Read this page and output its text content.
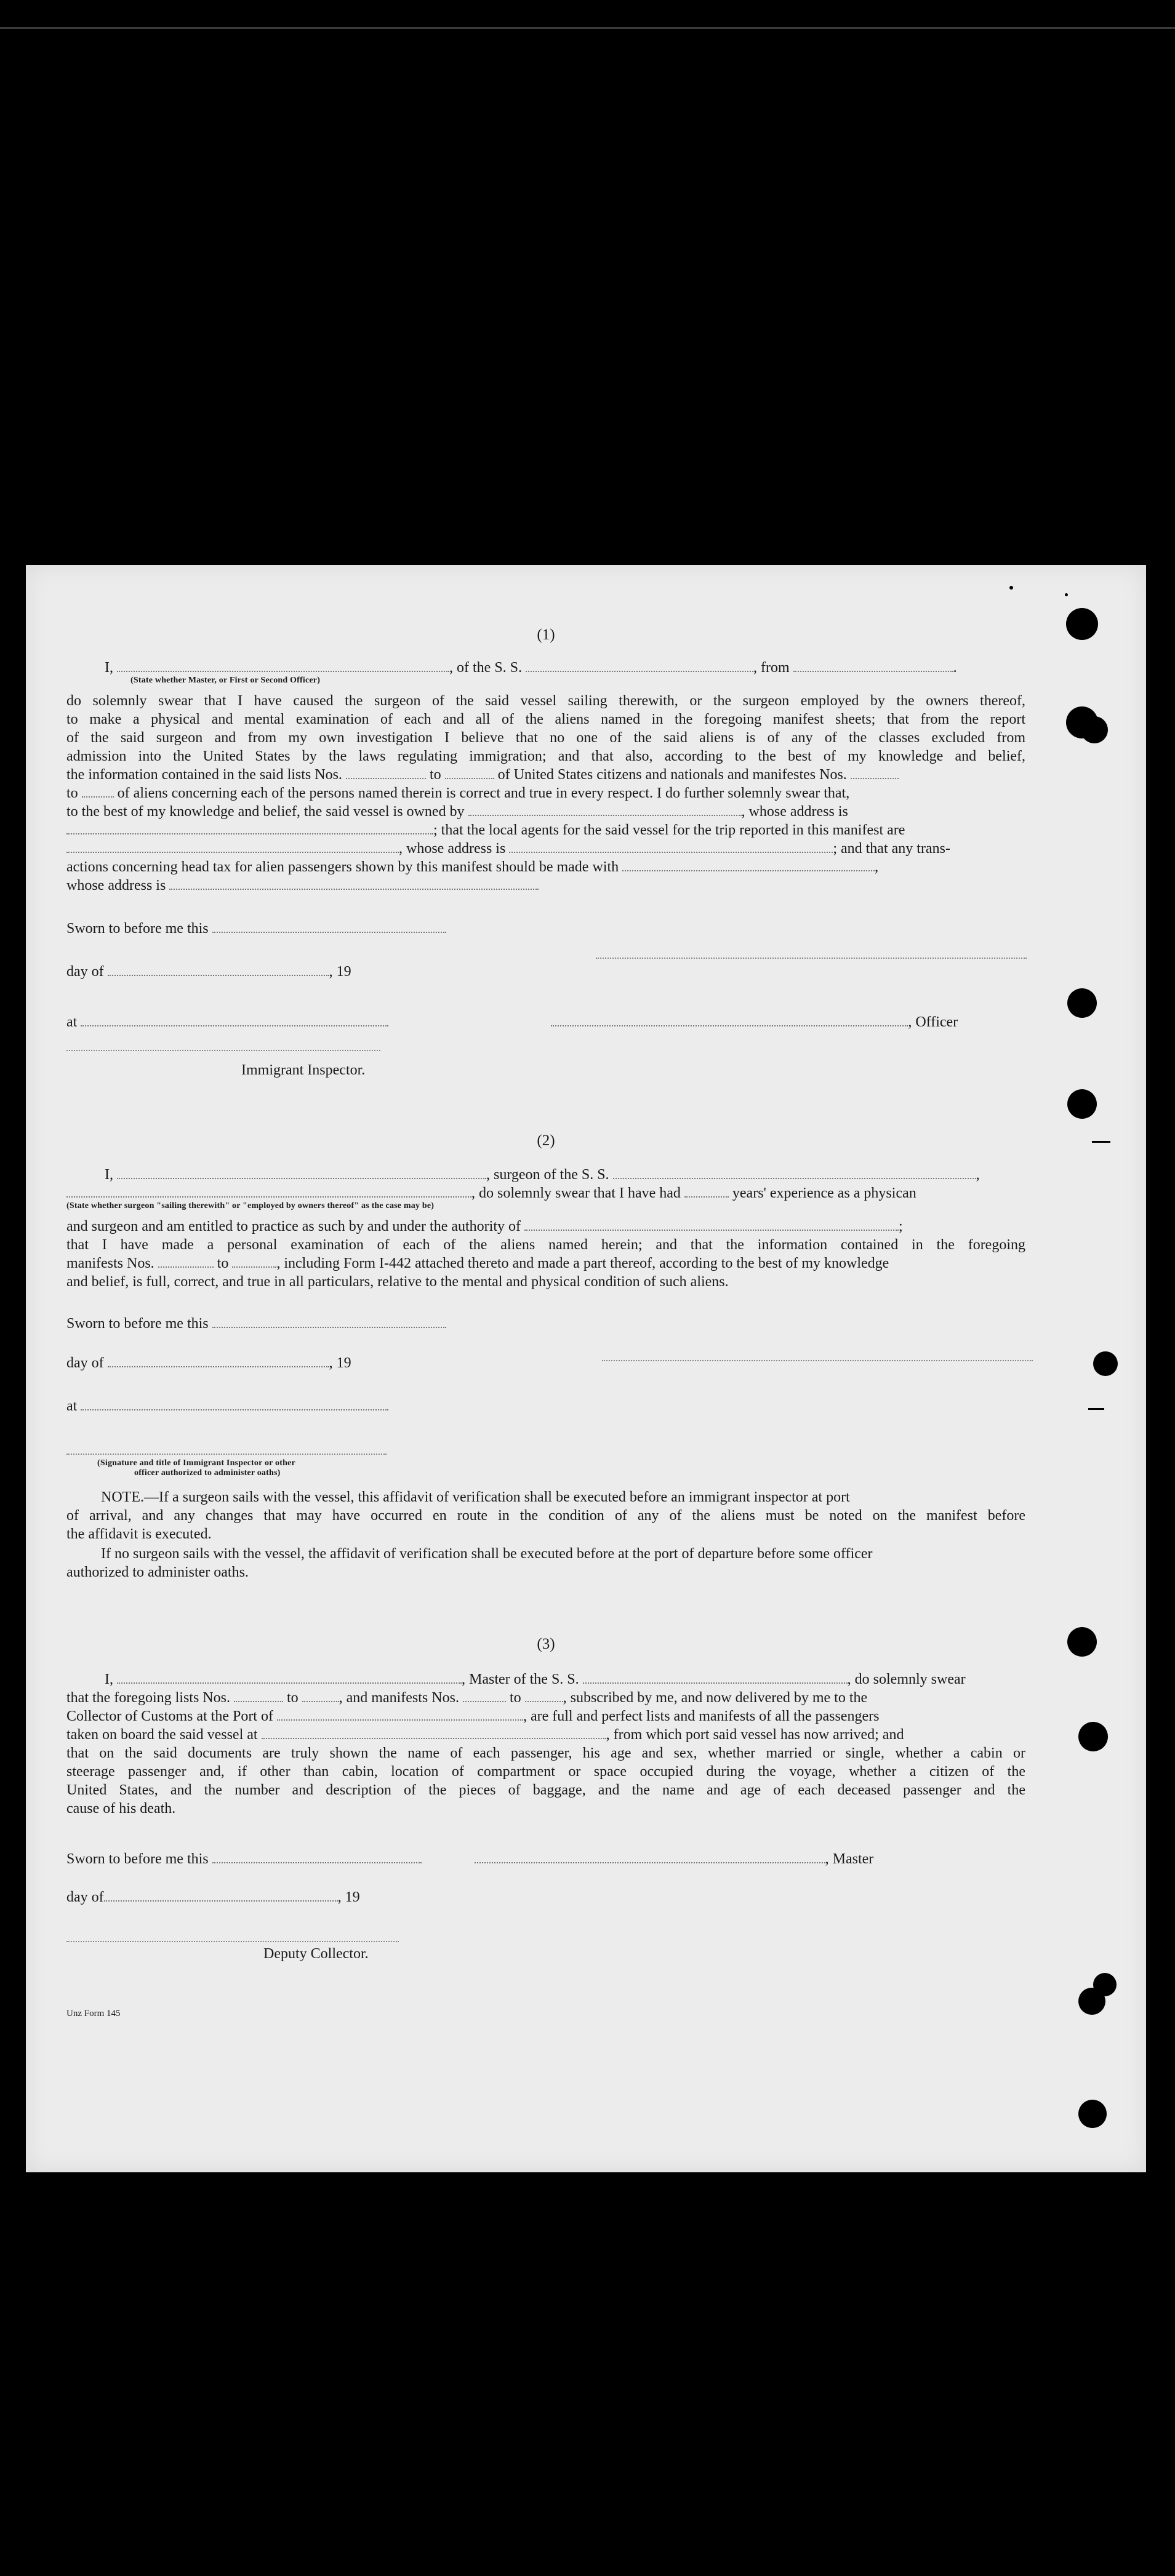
(1)
I,	, of the S. S.	, from	.
(State whether Master, or First or Second Officer)
do solemnly swear that I have caused the surgeon of the said vessel sailing therewith, or the surgeon employed by the owners thereof,
to make a physical and mental examination of each and all of the aliens named in the foregoing manifest sheets; that from the report
of the said surgeon and from my own investigation I believe that no one of the said aliens is of any of the classes excluded from
admission into the United States by the laws regulating immigration; and that also, according to the best of my knowledge and belief,
the information contained in the said lists Nos.	to	of United States citizens and nationals and manifestes Nos.
to	of aliens concerning each of the persons named therein is correct and true in every respect. I do further solemnly swear that,
to the best of my knowledge and belief, the said vessel is owned by	, whose address is
; that the local agents for the said vessel for the trip reported in this manifest are
, whose address is	; and that any trans-
actions concerning head tax for alien passengers shown by this manifest should be made with	,
whose address is
Sworn to before me this
day of	, 19
at	, Officer
Immigrant Inspector.
(2)
I,	, surgeon of the S. S.	,
, do solemnly swear that I have had	years' experience as a physican
(State whether surgeon "sailing therewith" or "employed by owners thereof" as the case may be)
and surgeon and am entitled to practice as such by and under the authority of	;
that I have made a personal examination of each of the aliens named herein; and that the information contained in the foregoing
manifests Nos.	to	, including Form I-442 attached thereto and made a part thereof, according to the best of my knowledge
and belief, is full, correct, and true in all particulars, relative to the mental and physical condition of such aliens.
Sworn to before me this
day of	, 19
at
(Signature and title of Immigrant Inspector or other
officer authorized to administer oaths)
NOTE.—If a surgeon sails with the vessel, this affidavit of verification shall be executed before an immigrant inspector at port
of arrival, and any changes that may have occurred en route in the condition of any of the aliens must be noted on the manifest before
the affidavit is executed.
If no surgeon sails with the vessel, the affidavit of verification shall be executed before at the port of departure before some officer
authorized to administer oaths.
(3)
I,	, Master of the S. S.	, do solemnly swear
that the foregoing lists Nos.	to	, and manifests Nos.	to	, subscribed by me, and now delivered by me to the
Collector of Customs at the Port of	, are full and perfect lists and manifests of all the passengers
taken on board the said vessel at	, from which port said vessel has now arrived; and
that on the said documents are truly shown the name of each passenger, his age and sex, whether married or single, whether a cabin or
steerage passenger and, if other than cabin, location of compartment or space occupied during the voyage, whether a citizen of the
United States, and the number and description of the pieces of baggage, and the name and age of each deceased passenger and the
cause of his death.
Sworn to before me this	, Master
day of	, 19
Deputy Collector.
Unz Form 145
